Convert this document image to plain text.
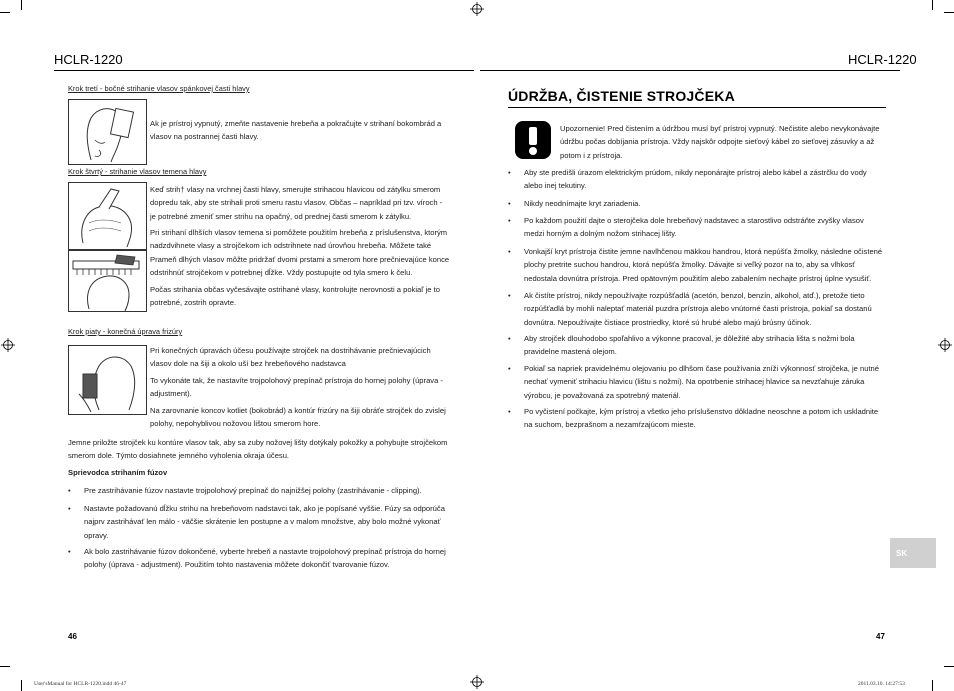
HCLR-1220
Krok tretí - bočné strihanie vlasov spánkovej časti hlavy
Ak je prístroj vypnutý, zmeňte nastavenie hrebeňa a pokračujte v strihaní bokombrád a vlasov na postrannej časti hlavy.
Krok štvrtý - strihanie vlasov temena hlavy
Keď strih† vlasy na vrchnej časti hlavy, smerujte strihacou hlavicou od zátylku smerom dopredu tak, aby ste strihali proti smeru rastu vlasov. Občas – napríklad pri tzv. víroch - je potrebné zmeniť smer strihu na opačný, od prednej časti smerom k zátylku.
Pri strihaní dlhších vlasov temena si pomôžete použitím hrebeňa z príslušenstva, ktorým nadzdvihnete vlasy a strojčekom ich odstrihnete nad úrovňou hrebeňa. Môžete také Prameň dlhých vlasov môžte pridržať dvomi prstami a smerom hore prečnievajúce konce odstrihnúť strojčekom v potrebnej dĺžke. Vždy postupujte od tyla smero k čelu.
Počas strihania občas vyčesávajte ostrihané vlasy, kontrolujte nerovnosti a pokiaľ je to potrebné, zostrih opravte.
Krok piaty - konečná úprava frizúry
Pri konečných úpravách účesu používajte strojček na dostrihávanie prečnievajúcich vlasov dole na šiji a okolo uší bez hrebeňového nadstavca
To vykonáte tak, že nastavíte trojpolohový prepínač prístroja do hornej polohy (úprava - adjustment).
Na zarovnanie koncov kotliet (bokobrád) a kontúr frizúry na šiji obráťe strojček do zvislej polohy, nepohyblivou nožovou lištou smerom hore.
Jemne priložte strojček ku kontúre vlasov tak, aby sa zuby nožovej lišty dotýkaly pokožky a pohybujte strojčekom smerom dole. Týmto dosiahnete jemného vyholenia okraja účesu.
Sprievodca strihaním fúzov
• Pre zastrihávanie fúzov nastavte trojpolohový prepínač do najnižšej polohy (zastrihávanie - clipping).
• Nastavte požadovanú dĺžku strihu na hrebeňovom nadstavci tak, ako je popísané vyššie. Fúzy sa odporúča najprv zastrihávať len málo - väčšie skrátenie len postupne a v malom množstve, aby bolo možné vykonať opravy.
• Ak bolo zastrihávanie fúzov dokončené, vyberte hrebeň a nastavte trojpolohový prepínač prístroja do hornej polohy (úprava - adjustment). Použitím tohto nastavenia môžete dokončiť tvarovanie fúzov.
46
HCLR-1220
ÚDRŽBA, ČISTENIE STROJČEKA
Upozornenie! Pred čistením a údržbou musí byť prístroj vypnutý. Nečistite alebo nevykonávajte údržbu počas dobíjania prístroja. Vždy najskôr odpojte sieťový kábel zo sieťovej zásuvky a až potom i z prístroja.
• Aby ste predišli úrazom elektrickým prúdom, nikdy neponárajte prístroj alebo kábel a zástrčku do vody alebo inej tekutiny.
• Nikdy neodnímajte kryt zariadenia.
• Po každom použití dajte o sterojčeka dole hrebeňový nadstavec a starostlivo odstráňte zvyšky vlasov medzi horným a dolným nožom strihacej lišty.
• Vonkajší kryt prístroja čistite jemne navlhčenou mäkkou handrou, ktorá nepúšťa žmolky, následne očistené plochy pretrite suchou handrou, ktorá nepúšťa žmolky. Dávajte si veľký pozor na to, aby sa vlhkosť nedostala dovnútra prístroja. Pred opätovným použitím alebo zabalením nechajte prístroj úplne vysušiť.
• Ak čistíte prístroj, nikdy nepoužívajte rozpúšťadlá (acetón, benzol, benzín, alkohol, atď.), pretože tieto rozpúšťadlá by mohli naleptať materiál puzdra prístroja alebo vnútorné časti prístroja, pokiaľ sa dostanú dovnútra. Nepoužívajte čistiace prostriedky, ktoré sú hrubé alebo majú brúsny účinok.
• Aby strojček dlouhodobo spoľahlivo a výkonne pracoval, je dôležité aby strihacia lišta s nožmi bola pravidelne mastená olejom.
• Pokiaľ sa napriek pravidelnému olejovaniu po dlhšom čase používania zníži výkonnosť strojčeka, je nutné nechať vymeniť strihaciu hlavicu (lištu s nožmi). Na opotrbenie strihacej hlavice sa nevzťahuje záruka výrobcu, je považovaná za spotrebný materiál.
• Po vyčistení počkajte, kým prístroj a všetko jeho príslušenstvo dôkladne neoschne a potom ich uskladnite na suchom, bezprašnom a nezamŕzajúcom mieste.
SK
47
User'sManual for HCLR-1220.indd 46-47	2011.03.10. 14:27:53
